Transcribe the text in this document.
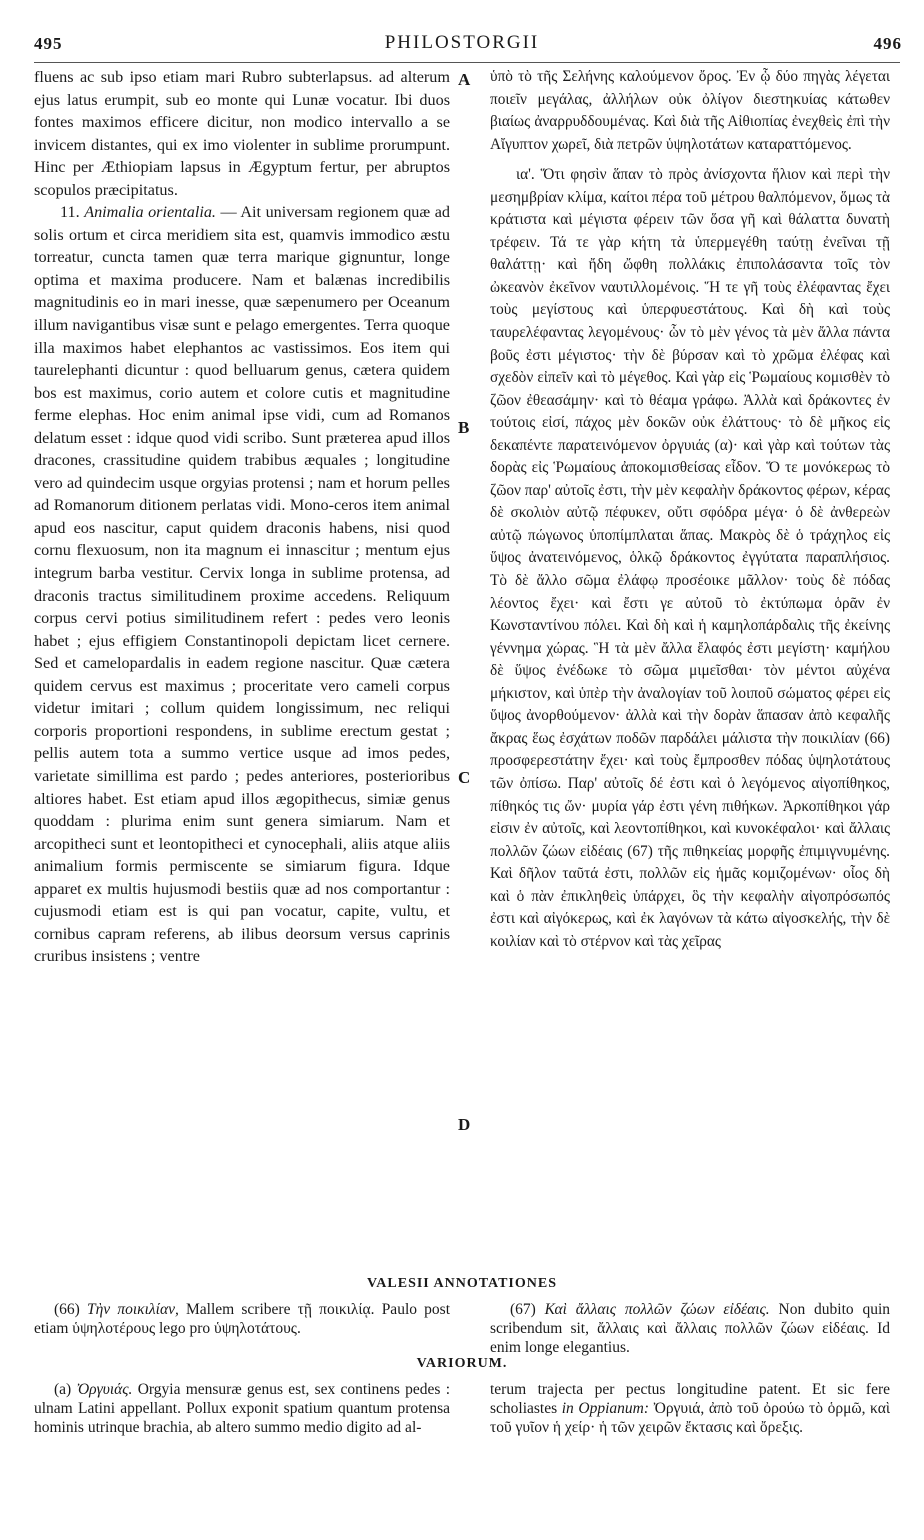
495	PHILOSTORGII	496

fluens ac sub ipso etiam mari Rubro subterlapsus. ad alterum ejus latus erumpit, sub eo monte qui Lunæ vocatur. Ibi duos fontes maximos efficere dicitur, non modico intervallo a se invicem distantes, qui ex imo violenter in sublime prorumpunt. Hinc per Æthiopiam lapsus in Ægyptum fertur, per abruptos scopulos præcipitatus.

11. Animalia orientalia. — Ait universam regionem quæ ad solis ortum et circa meridiem sita est, quamvis immodico æstu torreatur, cuncta tamen quæ terra marique gignuntur, longe optima et maxima producere. Nam et balænas incredibilis magnitudinis eo in mari inesse, quæ sæpenumero per Oceanum illum navigantibus visæ sunt e pelago emergentes. Terra quoque illa maximos habet elephantos ac vastissimos. Eos item qui taurelephanti dicuntur : quod belluarum genus, cætera quidem bos est maximus, corio autem et colore cutis et magnitudine ferme elephas. Hoc enim animal ipse vidi, cum ad Romanos delatum esset : idque quod vidi scribo. Sunt præterea apud illos dracones, crassitudine quidem trabibus æquales ; longitudine vero ad quindecim usque orgyias protensi ; nam et horum pelles ad Romanorum ditionem perlatas vidi. Mono-ceros item animal apud eos nascitur, caput quidem draconis habens, nisi quod cornu flexuosum, non ita magnum ei innascitur ; mentum ejus integrum barba vestitur. Cervix longa in sublime protensa, ad draconis tractus similitudinem proxime accedens. Reliquum corpus cervi potius similitudinem refert : pedes vero leonis habet ; ejus effigiem Constantinopoli depictam licet cernere. Sed et camelopardalis in eadem regione nascitur. Quæ cætera quidem cervus est maximus ; proceritate vero cameli corpus videtur imitari ; collum quidem longissimum, nec reliqui corporis proportioni respondens, in sublime erectum gestat ; pellis autem tota a summo vertice usque ad imos pedes, varietate simillima est pardo ; pedes anteriores, posterioribus altiores habet. Est etiam apud illos ægopithecus, simiæ genus quoddam : plurima enim sunt genera simiarum. Nam et arcopitheci sunt et leontopitheci et cynocephali, aliis atque aliis animalium formis permiscente se simiarum figura. Idque apparet ex multis hujusmodi bestiis quæ ad nos comportantur : cujusmodi etiam est is qui pan vocatur, capite, vultu, et cornibus capram referens, ab ilibus deorsum versus caprinis cruribus insistens ; ventre

A
B
C
D

ὑπὸ τὸ τῆς Σελήνης καλούμενον ὄρος. Ἐν ᾧ δύο πηγὰς λέγεται ποιεῖν μεγάλας, ἀλλήλων οὐκ ὀλίγον διεστηκυίας κάτωθεν βιαίως ἀναρρυδδουμένας. Καὶ διὰ τῆς Αἰθιοπίας ἐνεχθεὶς ἐπὶ τὴν Αἴγυπτον χωρεῖ, διὰ πετρῶν ὑψηλοτάτων καταραττόμενος.

ια'. Ὅτι φησὶν ἅπαν τὸ πρὸς ἀνίσχοντα ἥλιον καὶ περὶ τὴν μεσημβρίαν κλίμα, καίτοι πέρα τοῦ μέτρου θαλπόμενον, ὅμως τὰ κράτιστα καὶ μέγιστα φέρειν τῶν ὅσα γῆ καὶ θάλαττα δυνατὴ τρέφειν. Τά τε γὰρ κήτη τὰ ὑπερμεγέθη ταύτῃ ἐνεῖναι τῇ θαλάττῃ· καὶ ἤδη ὤφθη πολλάκις ἐπιπολάσαντα τοῖς τὸν ὠκεανὸν ἐκεῖνον ναυτιλλομένοις. Ἥ τε γῆ τοὺς ἐλέφαντας ἔχει τοὺς μεγίστους καὶ ὑπερφυεστάτους. Καὶ δὴ καὶ τοὺς ταυρελέφαντας λεγομένους· ὧν τὸ μὲν γένος τὰ μὲν ἄλλα πάντα βοῦς ἐστι μέγιστος· τὴν δὲ βύρσαν καὶ τὸ χρῶμα ἐλέφας καὶ σχεδὸν εἰπεῖν καὶ τὸ μέγεθος. Καὶ γὰρ εἰς Ῥωμαίους κομισθὲν τὸ ζῶον ἐθεασάμην· καὶ τὸ θέαμα γράφω. Ἀλλὰ καὶ δράκοντες ἐν τούτοις εἰσί, πάχος μὲν δοκῶν οὐκ ἐλάττους· τὸ δὲ μῆκος εἰς δεκαπέντε παρατεινόμενον ὀργυιάς (α)· καὶ γὰρ καὶ τούτων τὰς δορὰς εἰς Ῥωμαίους ἀποκομισθείσας εἶδον. Ὅ τε μονόκερως τὸ ζῶον παρ' αὐτοῖς ἐστι, τὴν μὲν κεφαλὴν δράκοντος φέρων, κέρας δὲ σκολιὸν αὐτῷ πέφυκεν, οὔτι σφόδρα μέγα· ὁ δὲ ἀνθερεὼν αὐτῷ πώγωνος ὑποπίμπλαται ἅπας. Μακρὸς δὲ ὁ τράχηλος εἰς ὕψος ἀνατεινόμενος, ὁλκῷ δράκοντος ἐγγύτατα παραπλήσιος. Τὸ δὲ ἄλλο σῶμα ἐλάφῳ προσέοικε μᾶλλον· τοὺς δὲ πόδας λέοντος ἔχει· καὶ ἔστι γε αὐτοῦ τὸ ἐκτύπωμα ὁρᾶν ἐν Κωνσταντίνου πόλει. Καὶ δὴ καὶ ἡ καμηλοπάρδαλις τῆς ἐκείνης γέννημα χώρας. Ἣ τὰ μὲν ἄλλα ἔλαφός ἐστι μεγίστη· καμήλου δὲ ὕψος ἐνέδωκε τὸ σῶμα μιμεῖσθαι· τὸν μέντοι αὐχένα μήκιστον, καὶ ὑπὲρ τὴν ἀναλογίαν τοῦ λοιποῦ σώματος φέρει εἰς ὕψος ἀνορθούμενον· ἀλλὰ καὶ τὴν δορὰν ἅπασαν ἀπὸ κεφαλῆς ἄκρας ἕως ἐσχάτων ποδῶν παρδάλει μάλιστα τὴν ποικιλίαν (66) προσφερεστάτην ἔχει· καὶ τοὺς ἔμπροσθεν πόδας ὑψηλοτάτους τῶν ὀπίσω. Παρ' αὐτοῖς δέ ἐστι καὶ ὁ λεγόμενος αἰγοπίθηκος, πίθηκός τις ὤν· μυρία γάρ ἐστι γένη πιθήκων. Ἀρκοπίθηκοι γάρ εἰσιν ἐν αὐτοῖς, καὶ λεοντοπίθηκοι, καὶ κυνοκέφαλοι· καὶ ἄλλαις πολλῶν ζώων εἰδέαις (67) τῆς πιθηκείας μορφῆς ἐπιμιγνυμένης. Καὶ δῆλον ταῦτά ἐστι, πολλῶν εἰς ἡμᾶς κομιζομένων· οἷος δὴ καὶ ὁ πὰν ἐπικληθεὶς ὑπάρχει, ὃς τὴν κεφαλὴν αἰγοπρόσωπός ἐστι καὶ αἰγόκερως, καὶ ἐκ λαγόνων τὰ κάτω αἰγοσκελής, τὴν δὲ κοιλίαν καὶ τὸ στέρνον καὶ τὰς χεῖρας

VALESII ANNOTATIONES

(66) Τὴν ποικιλίαν, Mallem scribere τῇ ποικιλίᾳ. Paulo post etiam ὑψηλοτέρους lego pro ὑψηλοτάτους.

(67) Καὶ ἄλλαις πολλῶν ζώων εἰδέαις. Non dubito quin scribendum sit, ἄλλαις καὶ ἄλλαις πολλῶν ζώων εἰδέαις. Id enim longe elegantius.

VARIORUM.

(a) Ὀργυιάς. Orgyia mensuræ genus est, sex continens pedes : ulnam Latini appellant. Pollux exponit spatium quantum protensa hominis utrinque brachia, ab altero summo medio digito ad al-

terum trajecta per pectus longitudine patent. Et sic fere scholiastes in Oppianum: Ὀργυιά, ἀπὸ τοῦ ὀρούω τὸ ὁρμῶ, καὶ τοῦ γυῖον ἡ χείρ· ἡ τῶν χειρῶν ἔκτασις καὶ ὄρεξις.
